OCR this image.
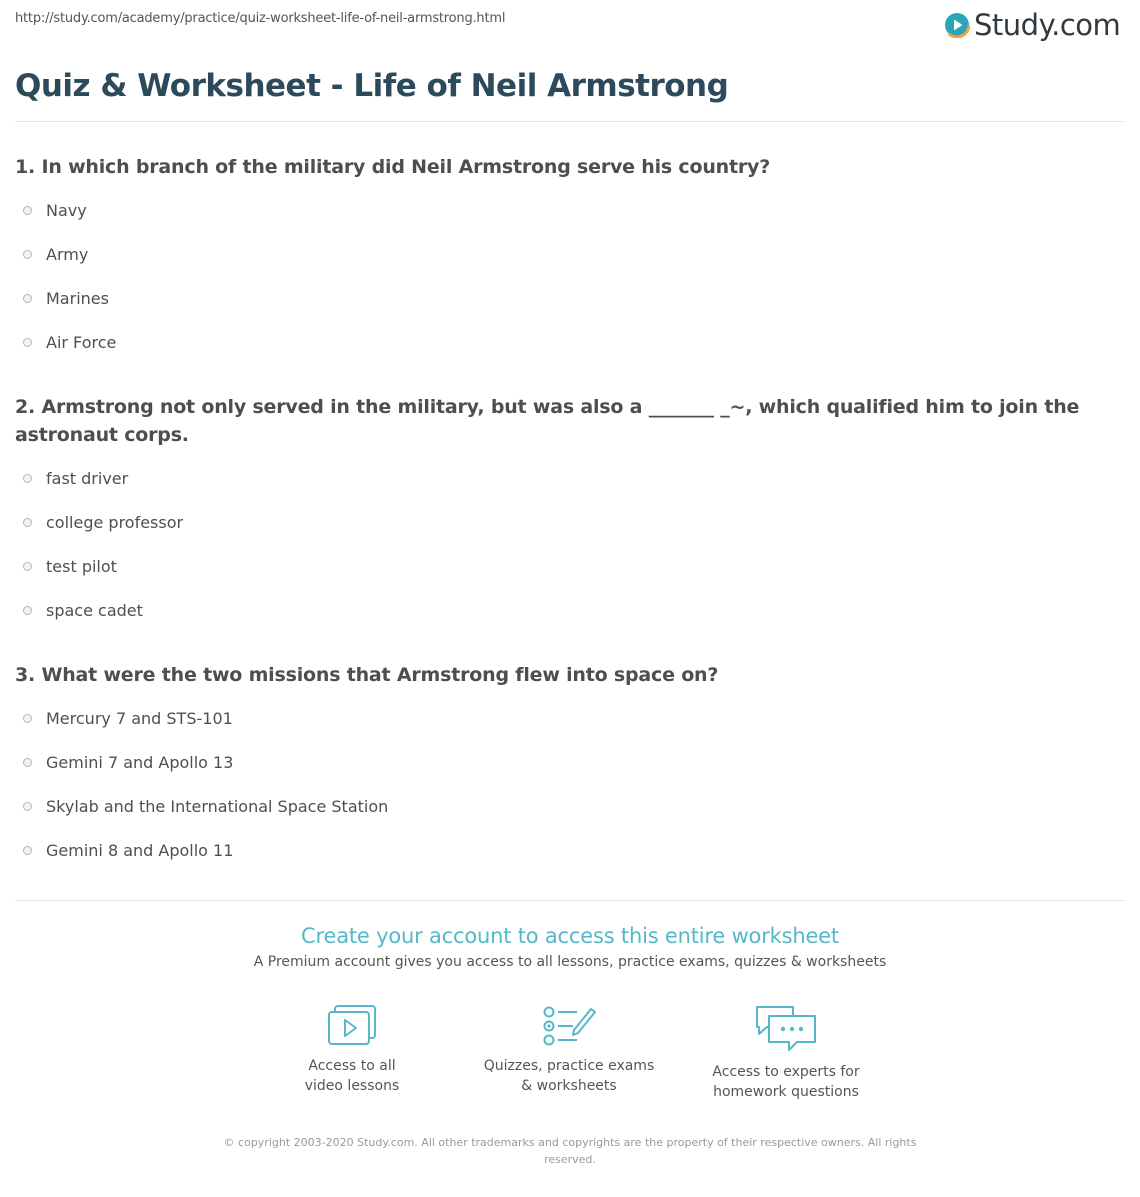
http://study.com/academy/practice/quiz-worksheet-life-of-neil-armstrong.html	Study.com
Quiz & Worksheet - Life of Neil Armstrong
1. In which branch of the military did Neil Armstrong serve his country?
Navy
Army
Marines
Air Force
2. Armstrong not only served in the military, but was also a _______ _~, which qualified him to join the astronaut corps.
fast driver
college professor
test pilot
space cadet
3. What were the two missions that Armstrong flew into space on?
Mercury 7 and STS-101
Gemini 7 and Apollo 13
Skylab and the International Space Station
Gemini 8 and Apollo 11
Create your account to access this entire worksheet
A Premium account gives you access to all lessons, practice exams, quizzes & worksheets
Access to all
video lessons
Quizzes, practice exams
& worksheets
Access to experts for
homework questions
© copyright 2003-2020 Study.com. All other trademarks and copyrights are the property of their respective owners. All rights
reserved.
